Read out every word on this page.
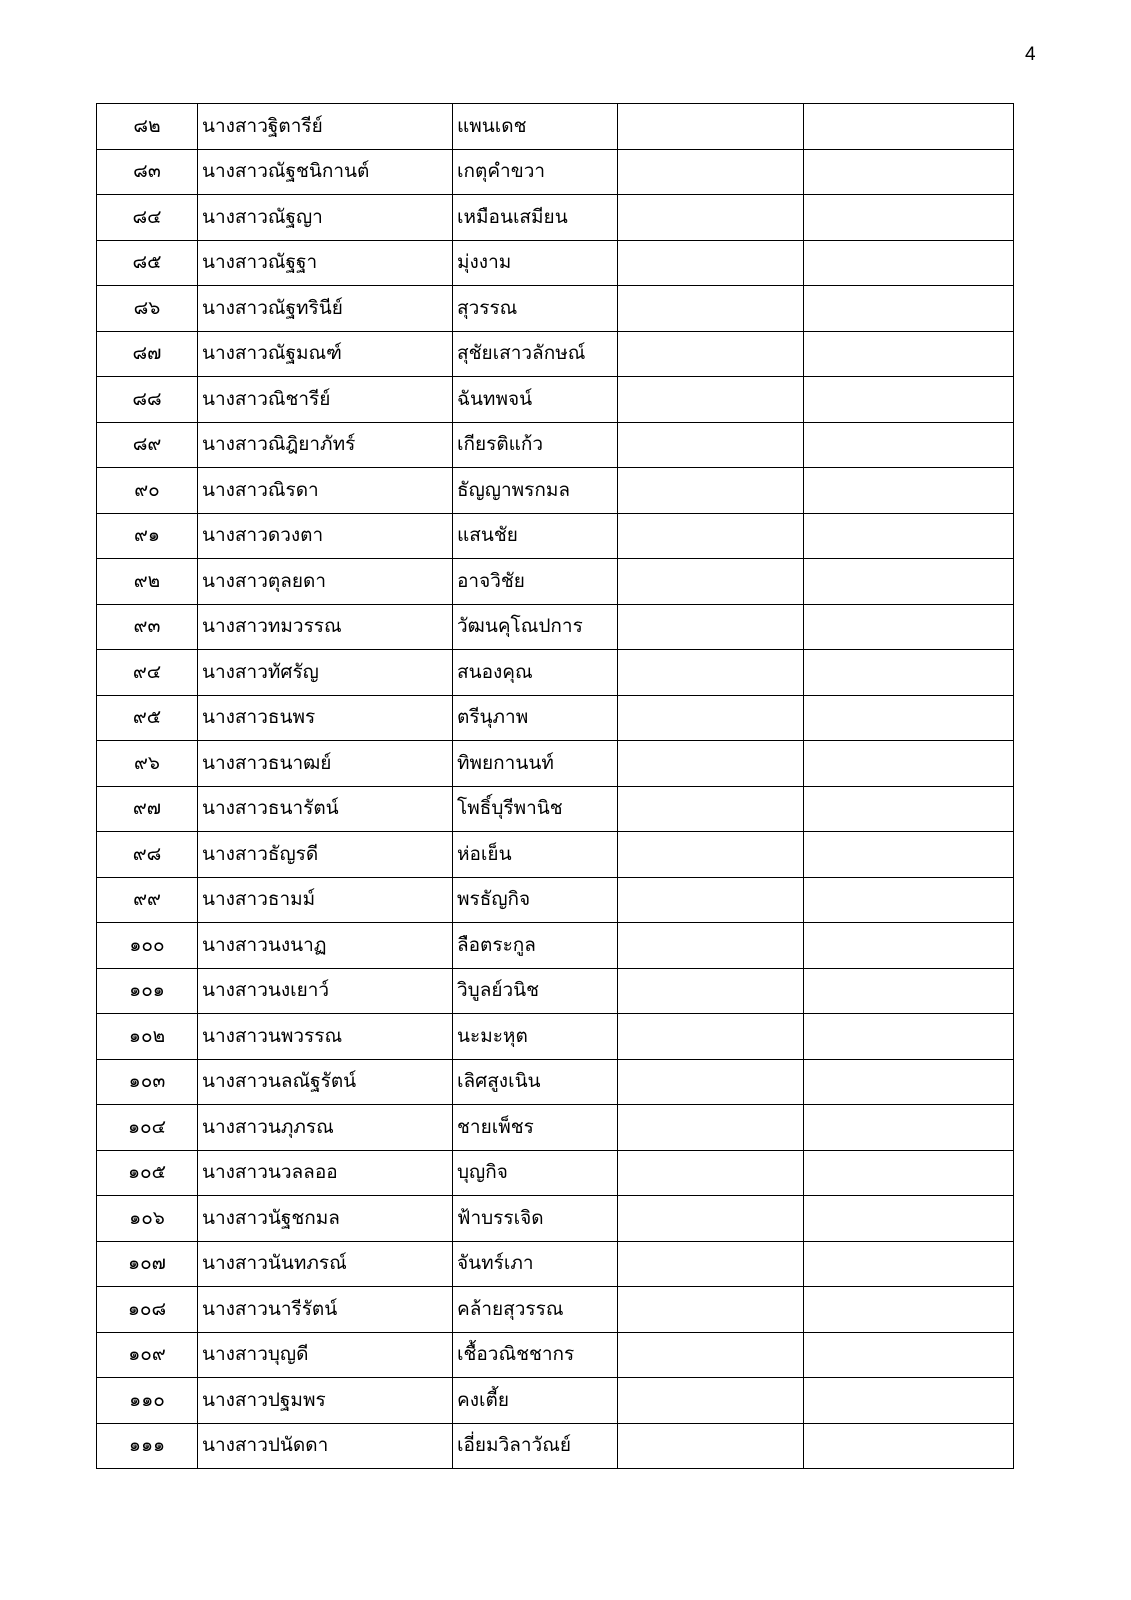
4
๘๒	นางสาวฐิตารีย์	แพนเดช		
๘๓	นางสาวณัฐชนิกานต์	เกตุคำขวา		
๘๔	นางสาวณัฐญา	เหมือนเสมียน		
๘๕	นางสาวณัฐฐา	มุ่งงาม		
๘๖	นางสาวณัฐทรินีย์	สุวรรณ		
๘๗	นางสาวณัฐมณฑ์	สุชัยเสาวลักษณ์		
๘๘	นางสาวณิชารีย์	ฉันทพจน์		
๘๙	นางสาวณิฎิยาภัทร์	เกียรติแก้ว		
๙๐	นางสาวณิรดา	ธัญญาพรกมล		
๙๑	นางสาวดวงตา	แสนชัย		
๙๒	นางสาวตุลยดา	อาจวิชัย		
๙๓	นางสาวทมวรรณ	วัฒนคุโณปการ		
๙๔	นางสาวทัศรัญ	สนองคุณ		
๙๕	นางสาวธนพร	ตรีนุภาพ		
๙๖	นางสาวธนาฒย์	ทิพยกานนท์		
๙๗	นางสาวธนารัตน์	โพธิ์บุรีพานิช		
๙๘	นางสาวธัญรดี	ห่อเย็น		
๙๙	นางสาวธามม์	พรธัญกิจ		
๑๐๐	นางสาวนงนาฏ	ลือตระกูล		
๑๐๑	นางสาวนงเยาว์	วิบูลย์วนิช		
๑๐๒	นางสาวนพวรรณ	นะมะหุต		
๑๐๓	นางสาวนลณัฐรัตน์	เลิศสูงเนิน		
๑๐๔	นางสาวนภุภรณ	ชายเพ็ชร		
๑๐๕	นางสาวนวลลออ	บุญกิจ		
๑๐๖	นางสาวนัฐชกมล	ฟ้าบรรเจิด		
๑๐๗	นางสาวนันทภรณ์	จันทร์เภา		
๑๐๘	นางสาวนารีรัตน์	คล้ายสุวรรณ		
๑๐๙	นางสาวบุญดี	เชื้อวณิชชากร		
๑๑๐	นางสาวปฐมพร	คงเตี้ย		
๑๑๑	นางสาวปนัดดา	เอี่ยมวิลาวัณย์		
